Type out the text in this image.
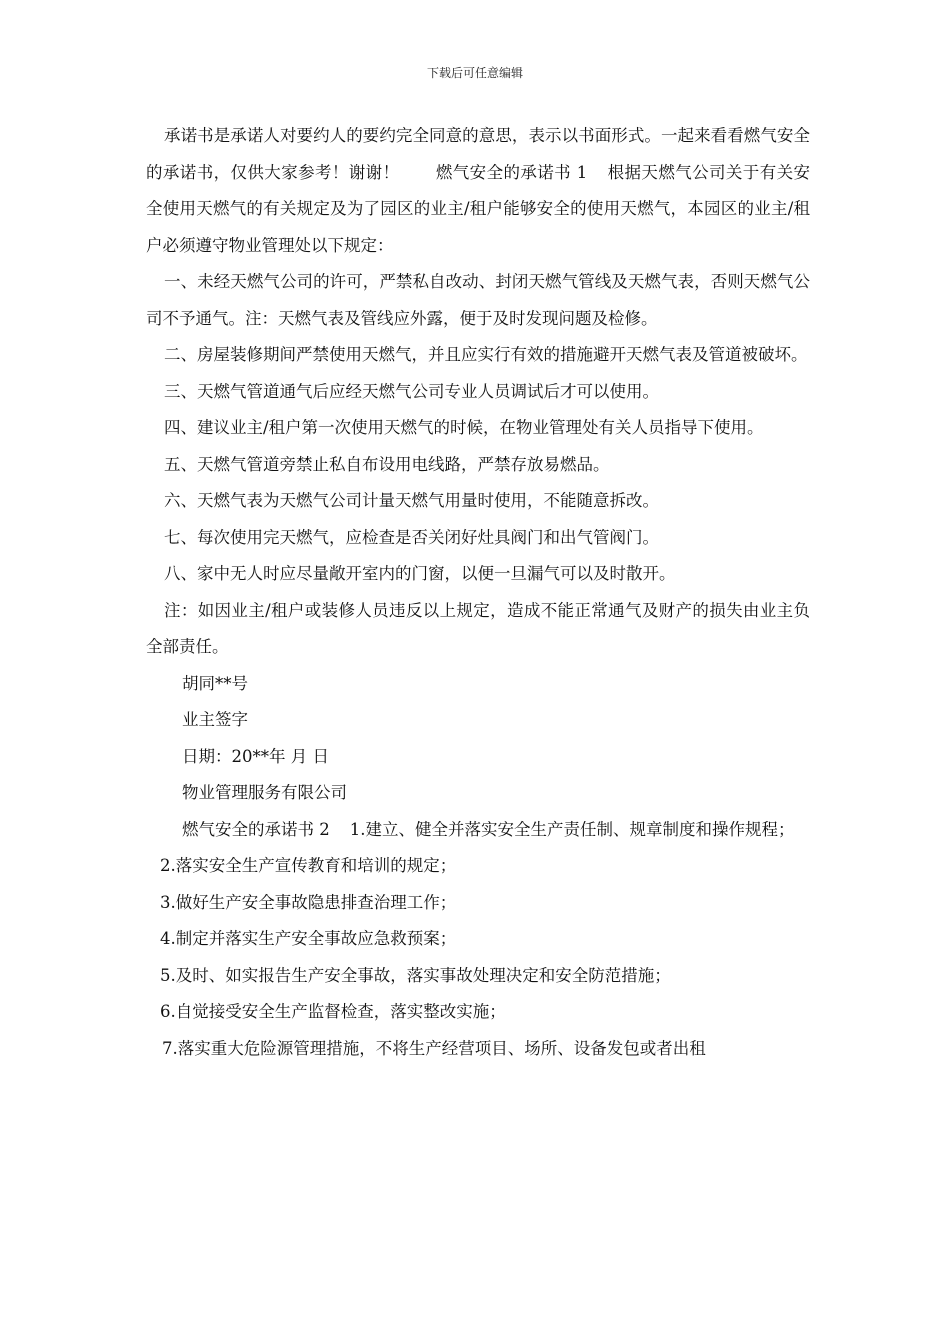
下载后可任意编辑

承诺书是承诺人对要约人的要约完全同意的意思，表示以书面形式。一起来看看燃气安全的承诺书，仅供大家参考！谢谢！ 燃气安全的承诺书 1 根据天燃气公司关于有关安全使用天燃气的有关规定及为了园区的业主/租户能够安全的使用天燃气，本园区的业主/租户必须遵守物业管理处以下规定：

一、未经天燃气公司的许可，严禁私自改动、封闭天燃气管线及天燃气表，否则天燃气公司不予通气。注：天燃气表及管线应外露，便于及时发现问题及检修。

二、房屋装修期间严禁使用天燃气，并且应实行有效的措施避开天燃气表及管道被破坏。

三、天燃气管道通气后应经天燃气公司专业人员调试后才可以使用。

四、建议业主/租户第一次使用天燃气的时候，在物业管理处有关人员指导下使用。

五、天燃气管道旁禁止私自布设用电线路，严禁存放易燃品。

六、天燃气表为天燃气公司计量天燃气用量时使用，不能随意拆改。

七、每次使用完天燃气，应检查是否关闭好灶具阀门和出气管阀门。

八、家中无人时应尽量敞开室内的门窗，以便一旦漏气可以及时散开。

注：如因业主/租户或装修人员违反以上规定，造成不能正常通气及财产的损失由业主负全部责任。

胡同**号

业主签字

日期：20**年 月 日

物业管理服务有限公司

燃气安全的承诺书 2 1.建立、健全并落实安全生产责任制、规章制度和操作规程；

2.落实安全生产宣传教育和培训的规定；

3.做好生产安全事故隐患排查治理工作；

4.制定并落实生产安全事故应急救预案；

5.及时、如实报告生产安全事故，落实事故处理决定和安全防范措施；

6.自觉接受安全生产监督检查，落实整改实施；

7.落实重大危险源管理措施，不将生产经营项目、场所、设备发包或者出租
